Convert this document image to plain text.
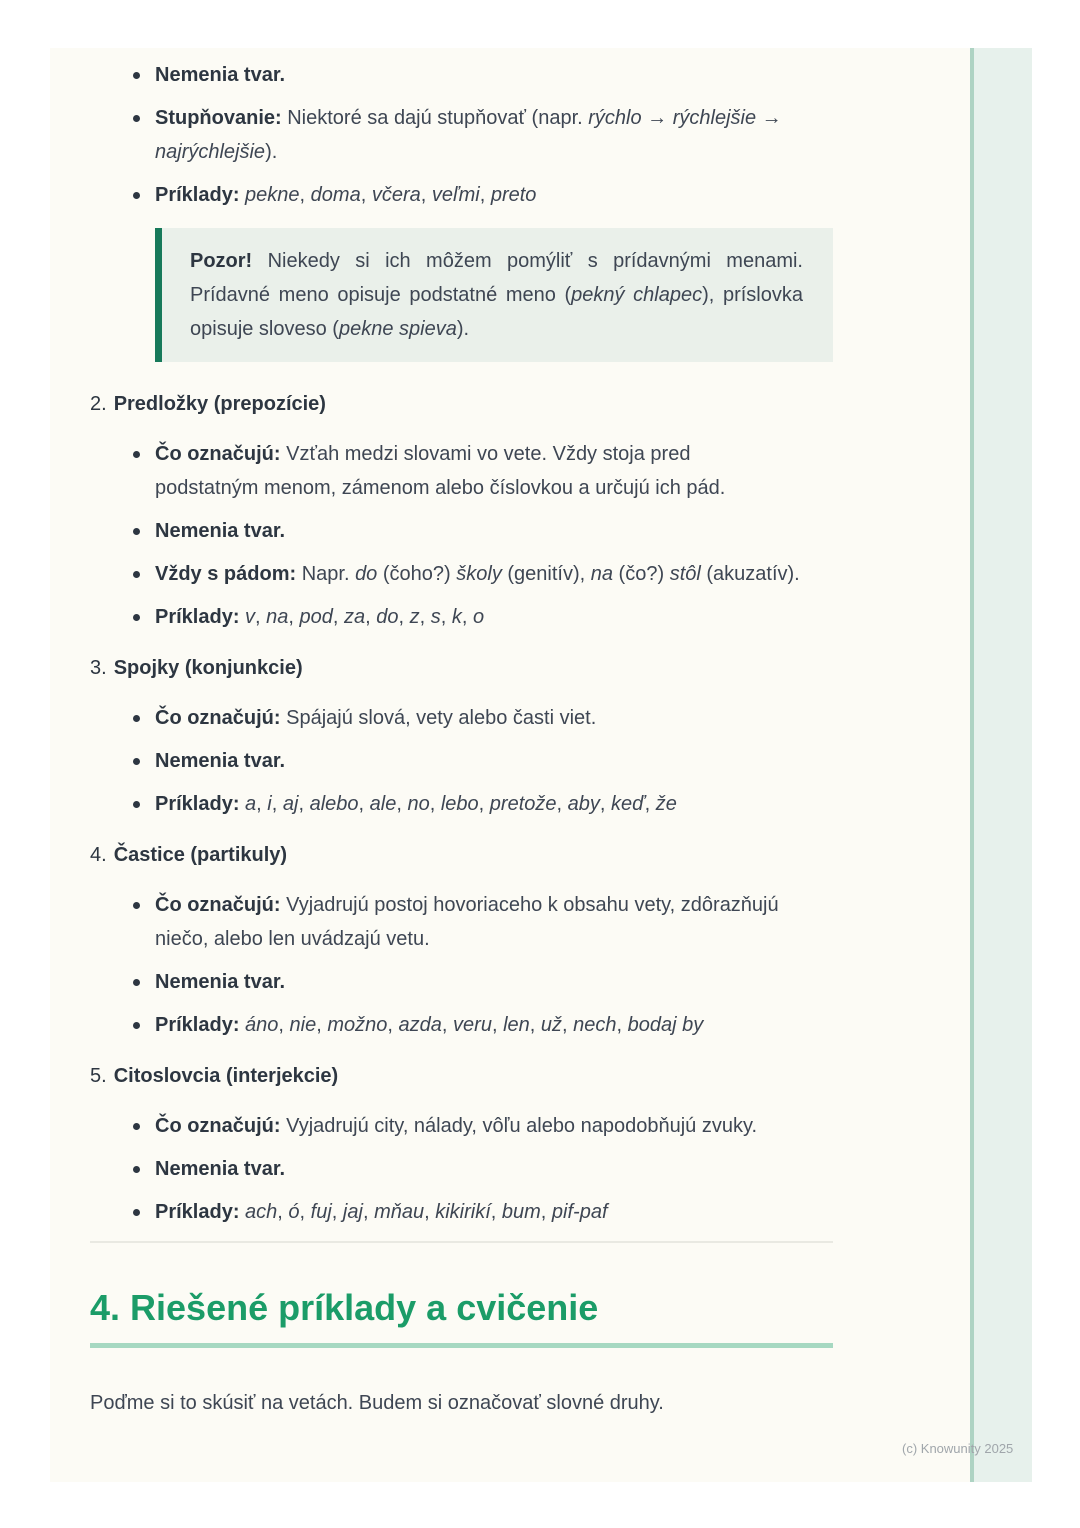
Nemenia tvar.
Stupňovanie: Niektoré sa dajú stupňovať (napr. rýchlo → rýchlejšie →
najrýchlejšie).
Príklady: pekne, doma, včera, veľmi, preto

Pozor! Niekedy si ich môžem pomýliť s prídavnými menami. Prídavné meno opisuje podstatné meno (pekný chlapec), príslovka opisuje sloveso (pekne spieva).

2. Predložky (prepozície)
Čo označujú: Vzťah medzi slovami vo vete. Vždy stoja pred
podstatným menom, zámenom alebo číslovkou a určujú ich pád.
Nemenia tvar.
Vždy s pádom: Napr. do (čoho?) školy (genitív), na (čo?) stôl (akuzatív).
Príklady: v, na, pod, za, do, z, s, k, o
3. Spojky (konjunkcie)
Čo označujú: Spájajú slová, vety alebo časti viet.
Nemenia tvar.
Príklady: a, i, aj, alebo, ale, no, lebo, pretože, aby, keď, že
4. Častice (partikuly)
Čo označujú: Vyjadrujú postoj hovoriaceho k obsahu vety, zdôrazňujú
niečo, alebo len uvádzajú vetu.
Nemenia tvar.
Príklady: áno, nie, možno, azda, veru, len, už, nech, bodaj by
5. Citoslovcia (interjekcie)
Čo označujú: Vyjadrujú city, nálady, vôľu alebo napodobňujú zvuky.
Nemenia tvar.
Príklady: ach, ó, fuj, jaj, mňau, kikirikí, bum, pif-paf
4. Riešené príklady a cvičenie

Poďme si to skúsiť na vetách. Budem si označovať slovné druhy.

(c) Knowunity 2025
